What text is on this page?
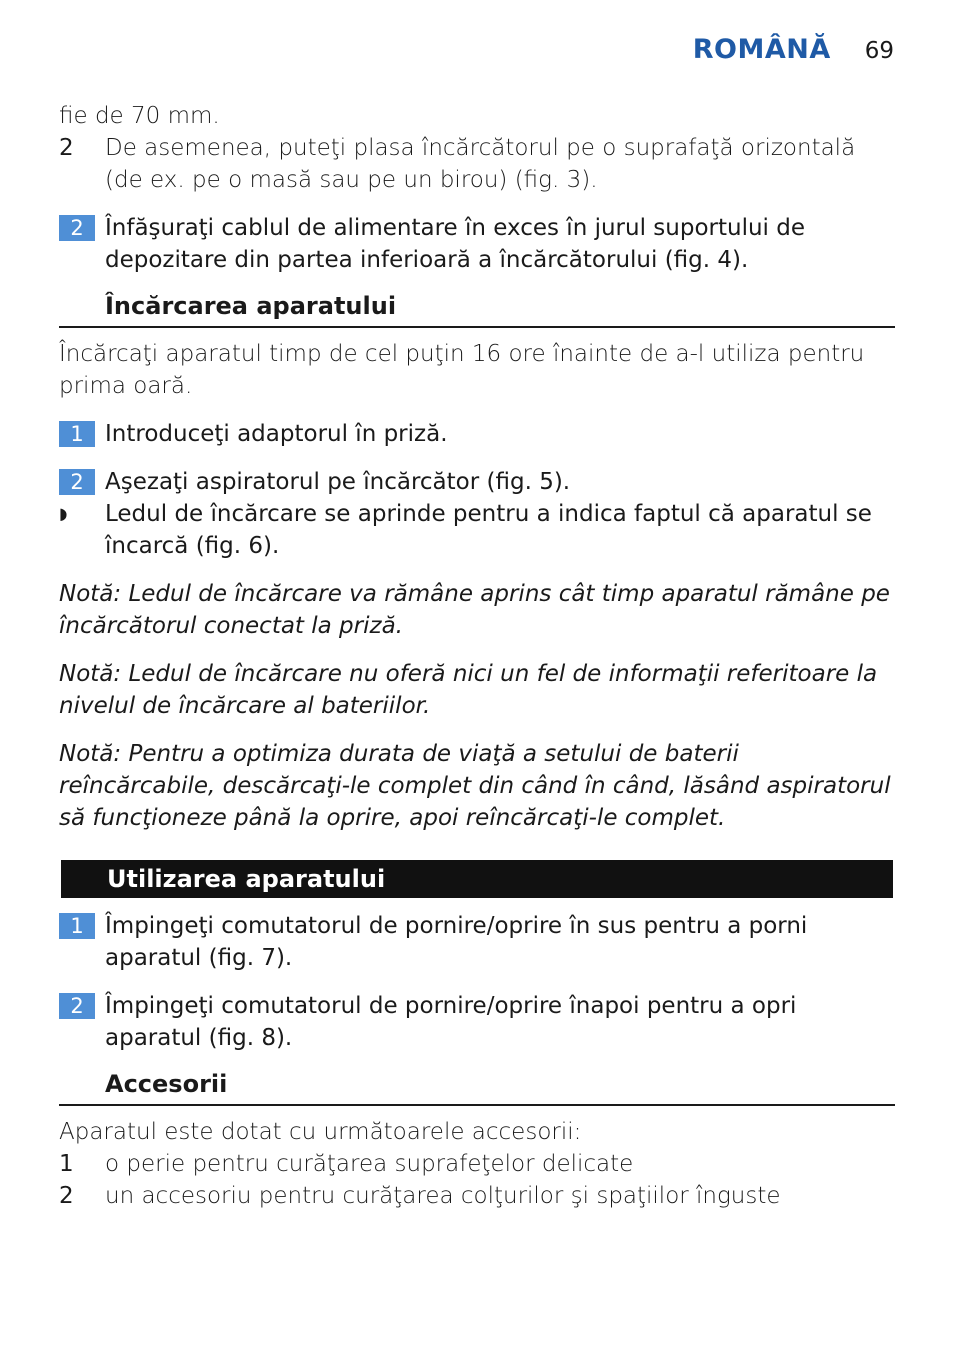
ROMÂNĂ 69
fie de 70 mm.
2	De asemenea, puteţi plasa încărcătorul pe o suprafaţă orizontală (de ex. pe o masă sau pe un birou) (fig. 3).
2 Înfăşuraţi cablul de alimentare în exces în jurul suportului de depozitare din partea inferioară a încărcătorului (fig. 4).
Încărcarea aparatului
Încărcaţi aparatul timp de cel puţin 16 ore înainte de a-l utiliza pentru prima oară.
1 Introduceţi adaptorul în priză.
2 Aşezaţi aspiratorul pe încărcător (fig. 5).
◗	Ledul de încărcare se aprinde pentru a indica faptul că aparatul se încarcă (fig. 6).
Notă: Ledul de încărcare va rămâne aprins cât timp aparatul rămâne pe încărcătorul conectat la priză.
Notă: Ledul de încărcare nu oferă nici un fel de informaţii referitoare la nivelul de încărcare al bateriilor.
Notă: Pentru a optimiza durata de viaţă a setului de baterii reîncărcabile, descărcaţi-le complet din când în când, lăsând aspiratorul să funcţioneze până la oprire, apoi reîncărcaţi-le complet.
Utilizarea aparatului
1 Împingeţi comutatorul de pornire/oprire în sus pentru a porni aparatul (fig. 7).
2 Împingeţi comutatorul de pornire/oprire înapoi pentru a opri aparatul (fig. 8).
Accesorii
Aparatul este dotat cu următoarele accesorii:
1	o perie pentru curăţarea suprafeţelor delicate
2	un accesoriu pentru curăţarea colţurilor şi spaţiilor înguste
